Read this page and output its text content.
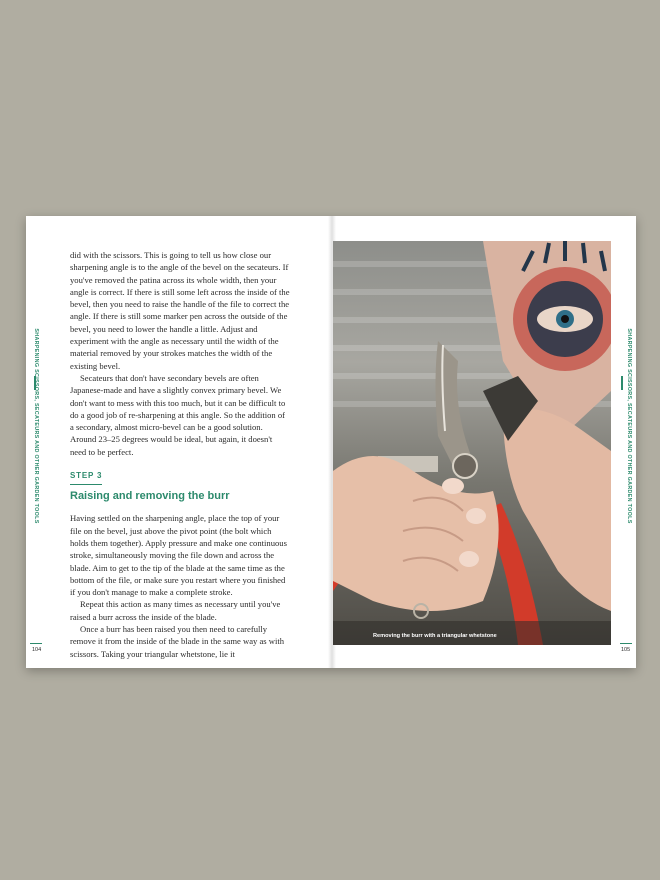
SHARPENING SCISSORS, SECATEURS AND OTHER GARDEN TOOLS

did with the scissors. This is going to tell us how close our sharpening angle is to the angle of the bevel on the secateurs. If you've removed the patina across its whole width, then your angle is correct. If there is still some left across the inside of the bevel, then you need to raise the handle of the file to correct the angle. If there is still some marker pen across the outside of the bevel, you need to lower the handle a little. Adjust and experiment with the angle as necessary until the width of the material removed by your strokes matches the width of the existing bevel.

Secateurs that don't have secondary bevels are often Japanese-made and have a slightly convex primary bevel. We don't want to mess with this too much, but it can be difficult to do a good job of re-sharpening at this angle. So the addition of a secondary, almost micro-bevel can be a good solution. Around 23–25 degrees would be ideal, but again, it doesn't need to be perfect.

STEP 3
Raising and removing the burr

Having settled on the sharpening angle, place the top of your file on the bevel, just above the pivot point (the bolt which holds them together). Apply pressure and make one continuous stroke, simultaneously moving the file down and across the blade. Aim to get to the tip of the blade at the same time as the bottom of the file, or make sure you restart where you finished if you don't manage to make a complete stroke.

Repeat this action as many times as necessary until you've raised a burr across the inside of the blade.

Once a burr has been raised you then need to carefully remove it from the inside of the blade in the same way as with scissors. Taking your triangular whetstone, lie it

104
Removing the burr with a triangular whetstone
SHARPENING SCISSORS, SECATEURS AND OTHER GARDEN TOOLS
105
